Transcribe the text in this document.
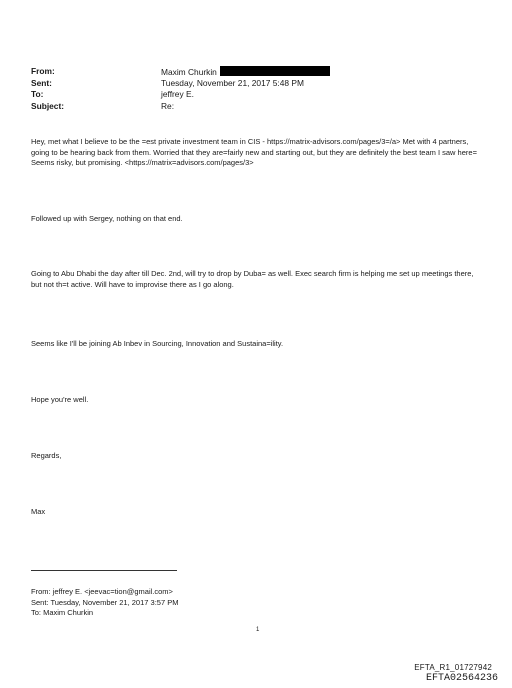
From:	Maxim Churkin
Sent:	Tuesday, November 21, 2017 5:48 PM
To:	jeffrey E.
Subject:	Re:

Hey, met what I believe to be the =est private investment team in CIS - https://matrix-advisors.com/pages/3=/a> Met with 4 partners, going to be hearing back from them. Worried that they are=fairly new and starting out, but they are definitely the best team I saw here= Seems risky, but promising. <https://matrix=advisors.com/pages/3>

Followed up with Sergey, nothing on that end.

Going to Abu Dhabi the day after till Dec. 2nd, will try to drop by Duba= as well. Exec search firm is helping me set up meetings there, but not th=t active. Will have to improvise there as I go along.

Seems like I'll be joining Ab Inbev in Sourcing, Innovation and Sustaina=ility.

Hope you're well.

Regards,

Max

From: jeffrey E. <jeevac=tion@gmail.com>
Sent: Tuesday, November 21, 2017 3:57 PM
To: Maxim Churkin
1
EFTA_R1_01727942
EFTA02564236
